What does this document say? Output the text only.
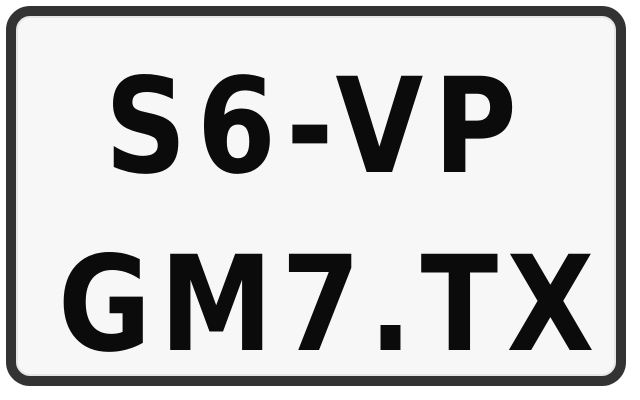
S6-VP
GM7.TX
